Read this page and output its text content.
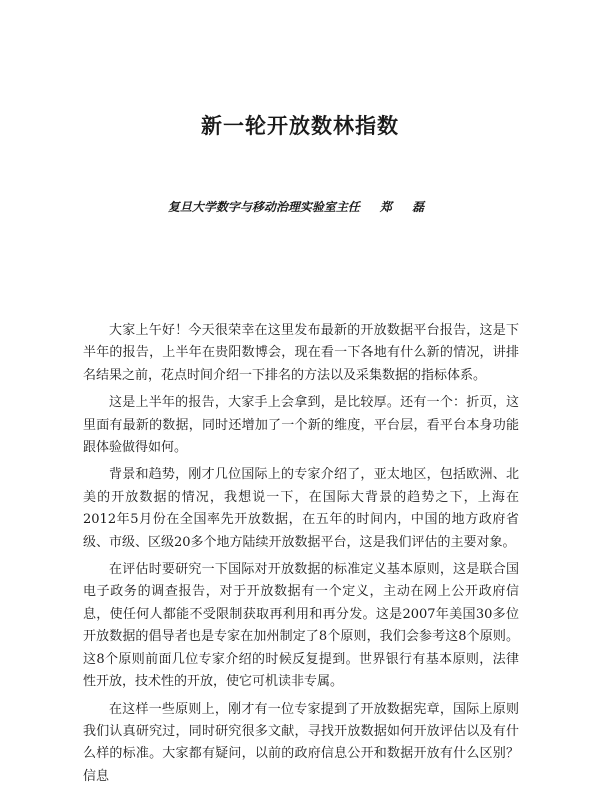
新一轮开放数林指数
复旦大学数字与移动治理实验室主任 郑 磊

大家上午好！今天很荣幸在这里发布最新的开放数据平台报告，这是下半年的报告，上半年在贵阳数博会，现在看一下各地有什么新的情况，讲排名结果之前，花点时间介绍一下排名的方法以及采集数据的指标体系。

这是上半年的报告，大家手上会拿到，是比较厚。还有一个：折页，这里面有最新的数据，同时还增加了一个新的维度，平台层，看平台本身功能跟体验做得如何。

背景和趋势，刚才几位国际上的专家介绍了，亚太地区，包括欧洲、北美的开放数据的情况，我想说一下，在国际大背景的趋势之下，上海在2012年5月份在全国率先开放数据，在五年的时间内，中国的地方政府省级、市级、区级20多个地方陆续开放数据平台，这是我们评估的主要对象。

在评估时要研究一下国际对开放数据的标准定义基本原则，这是联合国电子政务的调查报告，对于开放数据有一个定义，主动在网上公开政府信息，使任何人都能不受限制获取再利用和再分发。这是2007年美国30多位开放数据的倡导者也是专家在加州制定了8个原则，我们会参考这8个原则。这8个原则前面几位专家介绍的时候反复提到。世界银行有基本原则，法律性开放，技术性的开放，使它可机读非专属。

在这样一些原则上，刚才有一位专家提到了开放数据宪章，国际上原则我们认真研究过，同时研究很多文献，寻找开放数据如何开放评估以及有什么样的标准。大家都有疑问，以前的政府信息公开和数据开放有什么区别？信息
